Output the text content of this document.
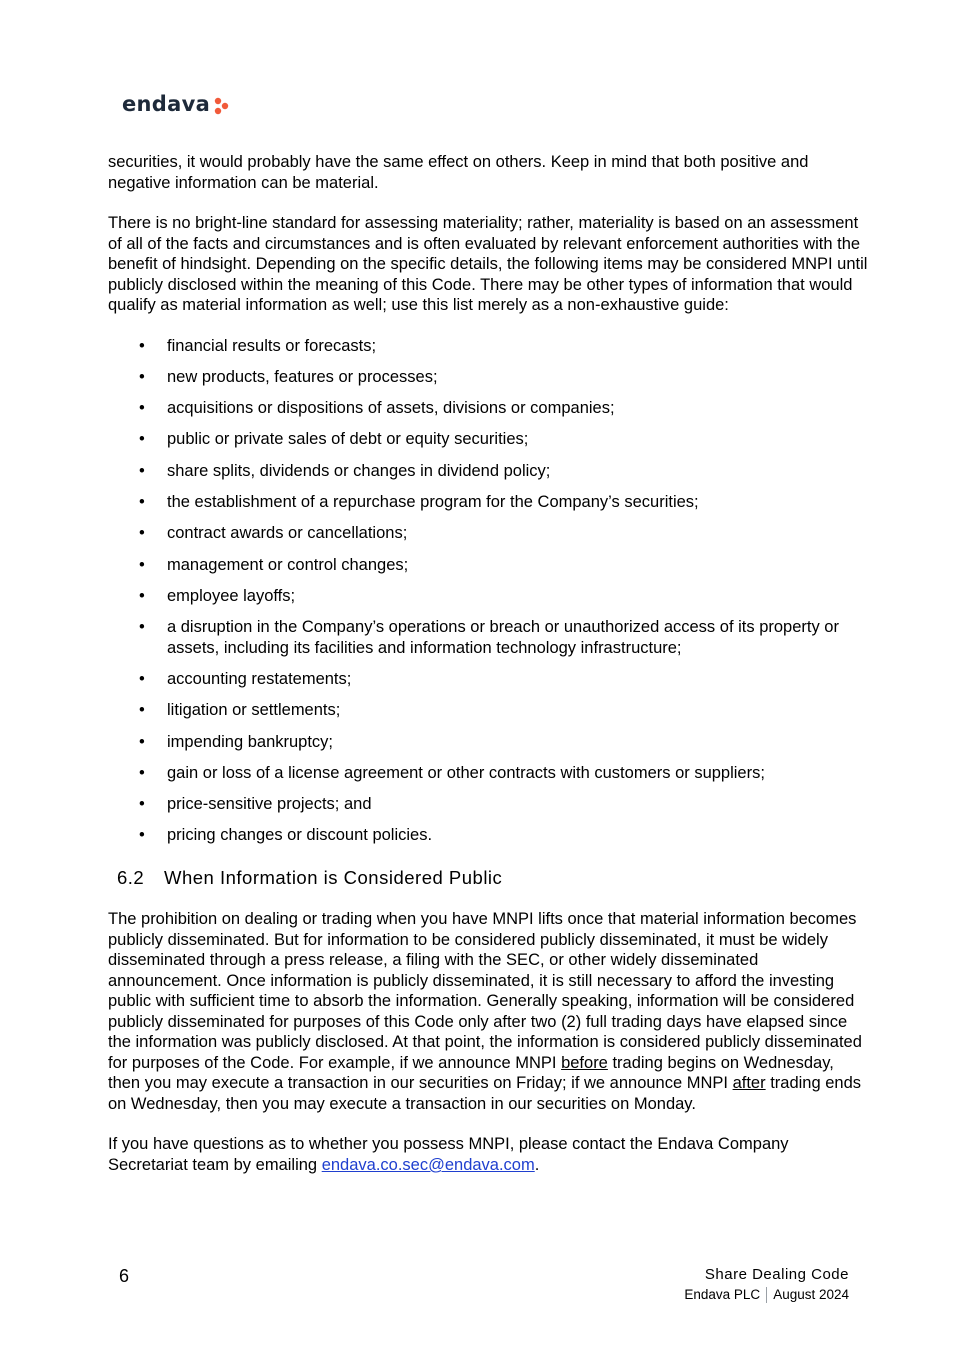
endava

securities, it would probably have the same effect on others. Keep in mind that both positive and negative information can be material.

There is no bright-line standard for assessing materiality; rather, materiality is based on an assessment of all of the facts and circumstances and is often evaluated by relevant enforcement authorities with the benefit of hindsight. Depending on the specific details, the following items may be considered MNPI until publicly disclosed within the meaning of this Code. There may be other types of information that would qualify as material information as well; use this list merely as a non-exhaustive guide:

• financial results or forecasts;
• new products, features or processes;
• acquisitions or dispositions of assets, divisions or companies;
• public or private sales of debt or equity securities;
• share splits, dividends or changes in dividend policy;
• the establishment of a repurchase program for the Company’s securities;
• contract awards or cancellations;
• management or control changes;
• employee layoffs;
• a disruption in the Company’s operations or breach or unauthorized access of its property or assets, including its facilities and information technology infrastructure;
• accounting restatements;
• litigation or settlements;
• impending bankruptcy;
• gain or loss of a license agreement or other contracts with customers or suppliers;
• price-sensitive projects; and
• pricing changes or discount policies.
6.2 When Information is Considered Public

The prohibition on dealing or trading when you have MNPI lifts once that material information becomes publicly disseminated. But for information to be considered publicly disseminated, it must be widely disseminated through a press release, a filing with the SEC, or other widely disseminated announcement. Once information is publicly disseminated, it is still necessary to afford the investing public with sufficient time to absorb the information. Generally speaking, information will be considered publicly disseminated for purposes of this Code only after two (2) full trading days have elapsed since the information was publicly disclosed. At that point, the information is considered publicly disseminated for purposes of the Code. For example, if we announce MNPI before trading begins on Wednesday, then you may execute a transaction in our securities on Friday; if we announce MNPI after trading ends on Wednesday, then you may execute a transaction in our securities on Monday.

If you have questions as to whether you possess MNPI, please contact the Endava Company Secretariat team by emailing endava.co.sec@endava.com.

6	Share Dealing Code
Endava PLC August 2024
